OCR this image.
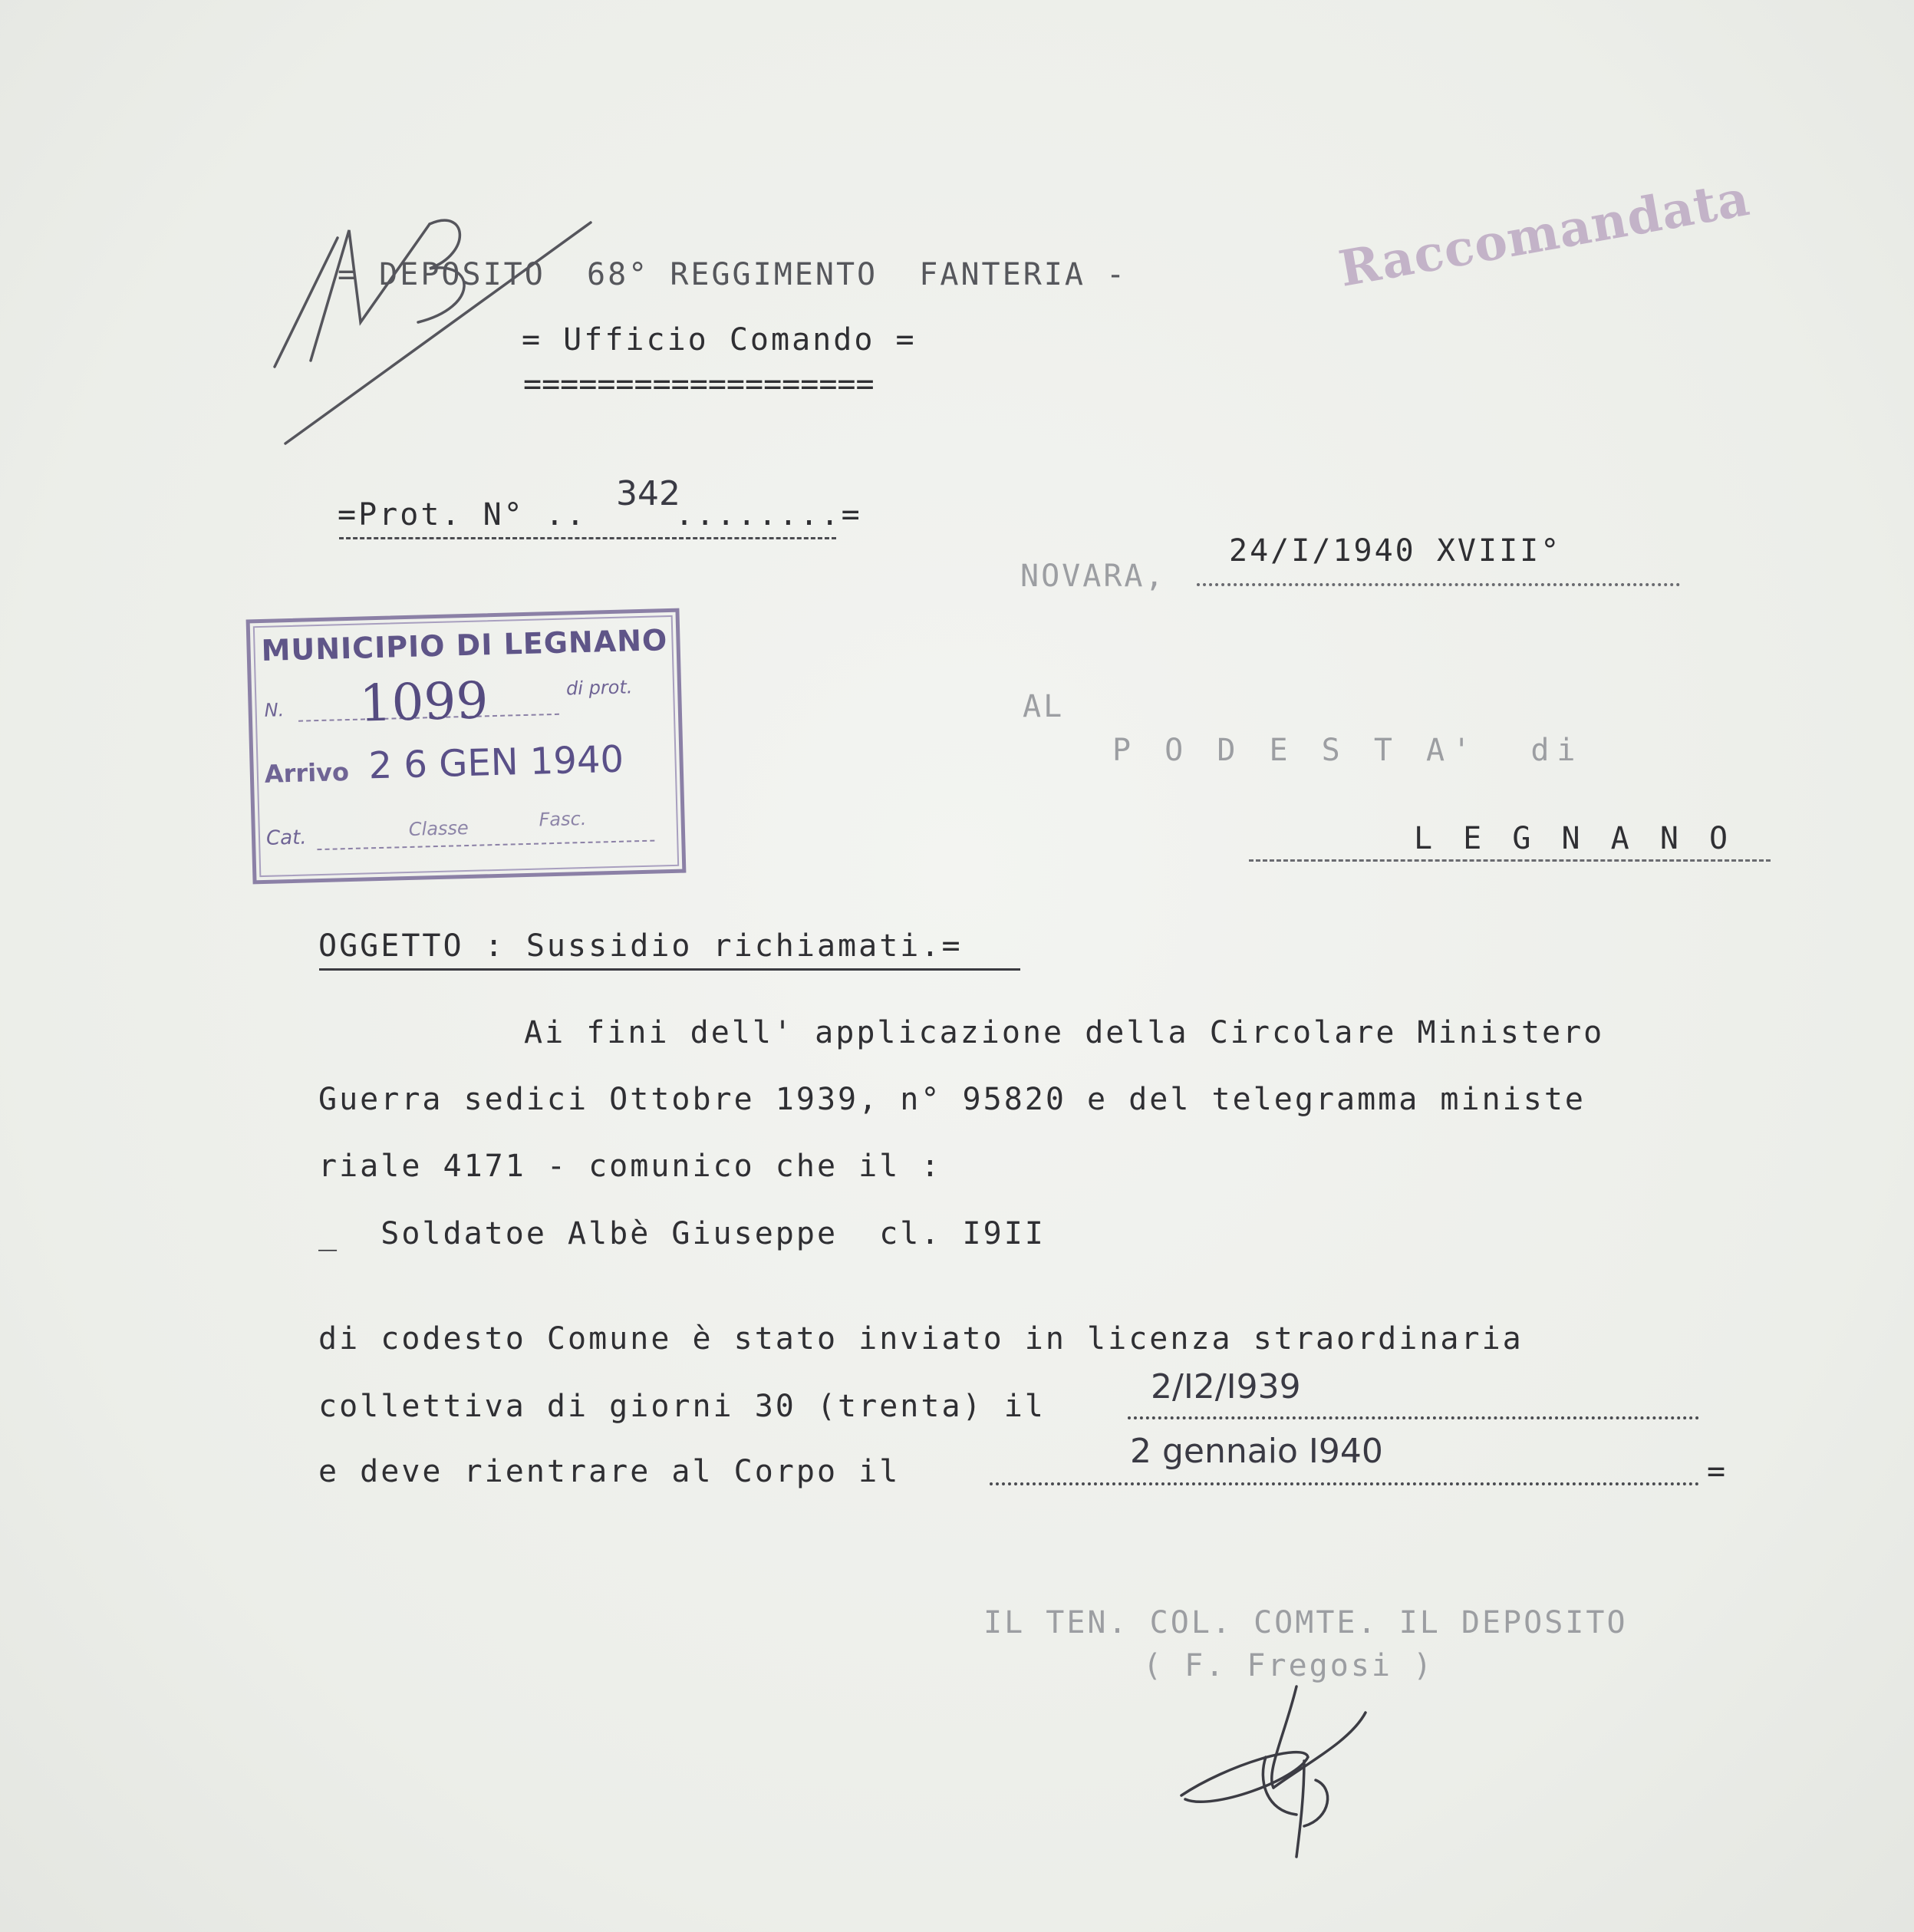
= DEPOSITO  68° REGGIMENTO  FANTERIA -
= Ufficio Comando =
===================
Raccomandata
=Prot. N° ..
342
........=
NOVARA,
24/I/1940 XVIII°
AL
P O D E S T A'  di
L E G N A N O
MUNICIPIO DI LEGNANO
N. 1099	di prot.
Arrivo 2 6 GEN 1940
Cat.	Classe	Fasc.
OGGETTO : Sussidio richiamati.=
Ai fini dell' applicazione della Circolare Ministero
Guerra sedici Ottobre 1939, n° 95820 e del telegramma ministe
riale 4171 - comunico che il :
_  Soldatoe Albè Giuseppe  cl. I9II
di codesto Comune è stato inviato in licenza straordinaria
collettiva di giorni 30 (trenta) il	2/I2/I939
e deve rientrare al Corpo il
2 gennaio I940
=
IL TEN. COL. COMTE. IL DEPOSITO
( F. Fregosi )
